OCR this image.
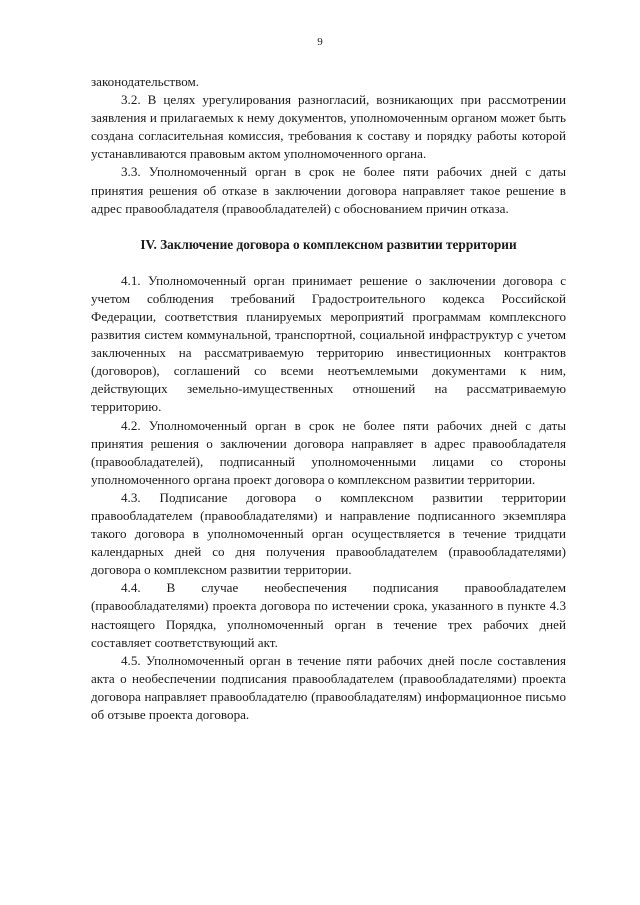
9

законодательством.

3.2. В целях урегулирования разногласий, возникающих при рассмотрении заявления и прилагаемых к нему документов, уполномоченным органом может быть создана согласительная комиссия, требования к составу и порядку работы которой устанавливаются правовым актом уполномоченного органа.

3.3. Уполномоченный орган в срок не более пяти рабочих дней с даты принятия решения об отказе в заключении договора направляет такое решение в адрес правообладателя (правообладателей) с обоснованием причин отказа.

IV. Заключение договора о комплексном развитии территории

4.1. Уполномоченный орган принимает решение о заключении договора с учетом соблюдения требований Градостроительного кодекса Российской Федерации, соответствия планируемых мероприятий программам комплексного развития систем коммунальной, транспортной, социальной инфраструктур с учетом заключенных на рассматриваемую территорию инвестиционных контрактов (договоров), соглашений со всеми неотъемлемыми документами к ним, действующих земельно-имущественных отношений на рассматриваемую территорию.

4.2. Уполномоченный орган в срок не более пяти рабочих дней с даты принятия решения о заключении договора направляет в адрес правообладателя (правообладателей), подписанный уполномоченными лицами со стороны уполномоченного органа проект договора о комплексном развитии территории.

4.3. Подписание договора о комплексном развитии территории правообладателем (правообладателями) и направление подписанного экземпляра такого договора в уполномоченный орган осуществляется в течение тридцати календарных дней со дня получения правообладателем (правообладателями) договора о комплексном развитии территории.

4.4. В случае необеспечения подписания правообладателем (правообладателями) проекта договора по истечении срока, указанного в пункте 4.3 настоящего Порядка, уполномоченный орган в течение трех рабочих дней составляет соответствующий акт.

4.5. Уполномоченный орган в течение пяти рабочих дней после составления акта о необеспечении подписания правообладателем (правообладателями) проекта договора направляет правообладателю (правообладателям) информационное письмо об отзыве проекта договора.
